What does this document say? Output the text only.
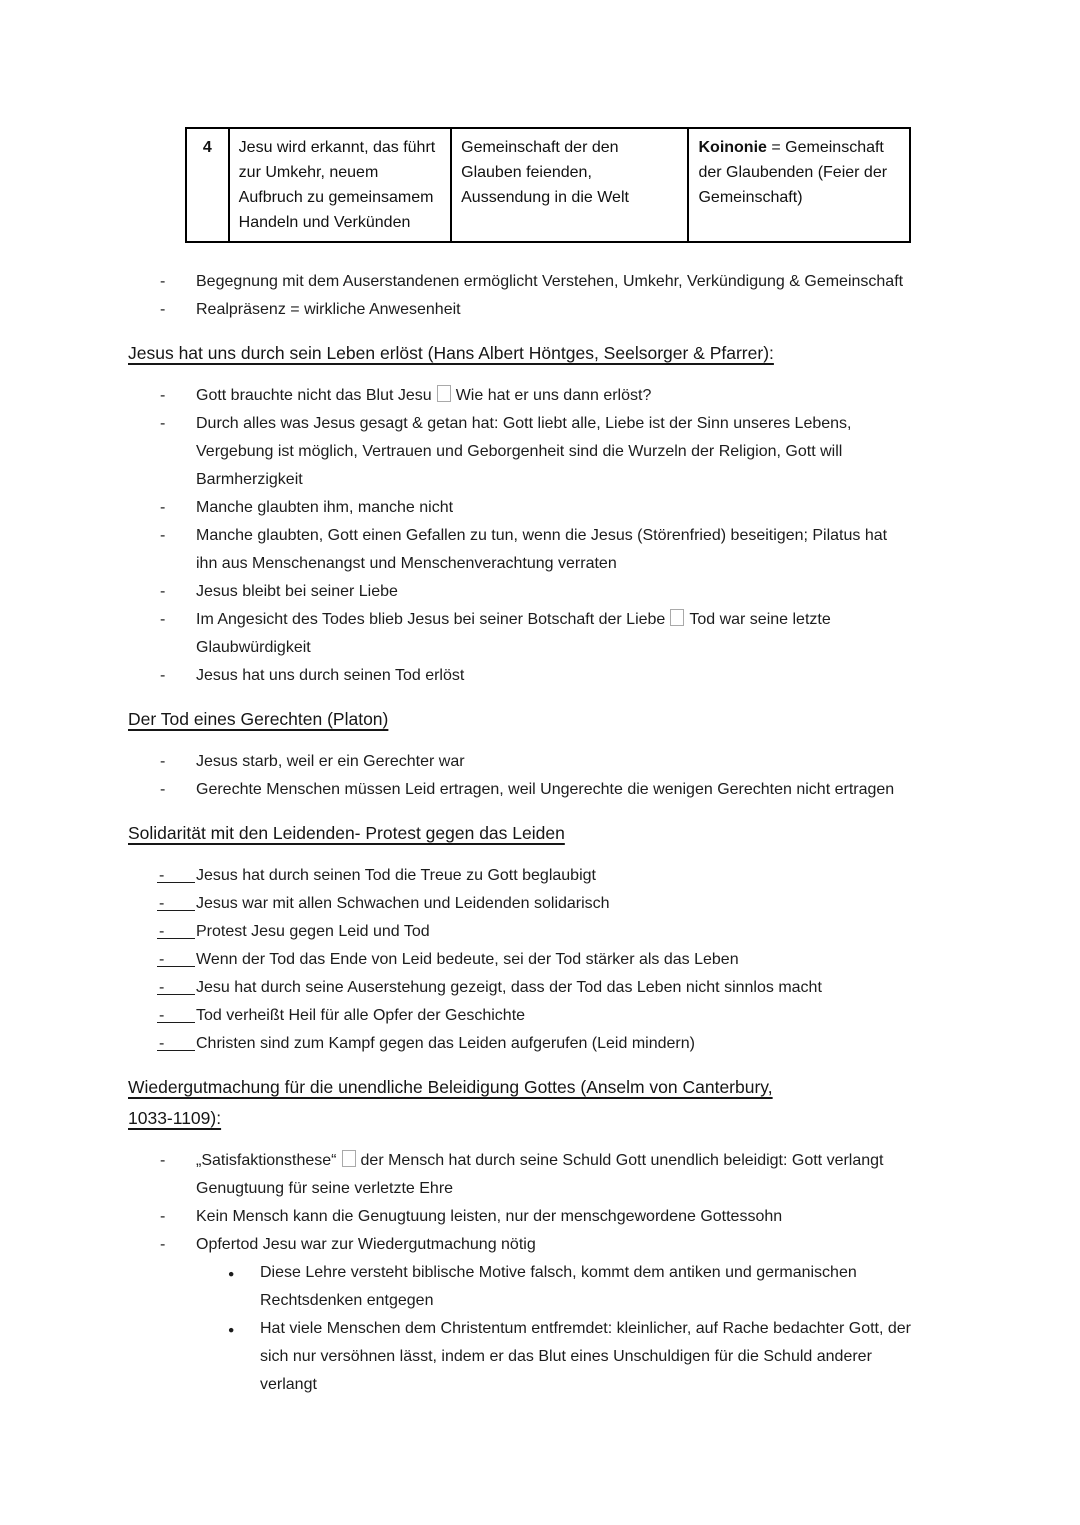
4	Jesu wird erkannt, das führt zur Umkehr, neuem Aufbruch zu gemeinsamem Handeln und Verkünden	Gemeinschaft der den Glauben feienden, Aussendung in die Welt	Koinonie = Gemeinschaft der Glaubenden (Feier der Gemeinschaft)
- Begegnung mit dem Auserstandenen ermöglicht Verstehen, Umkehr, Verkündigung & Gemeinschaft
- Realpräsenz = wirkliche Anwesenheit
Jesus hat uns durch sein Leben erlöst (Hans Albert Höntges, Seelsorger & Pfarrer):
- Gott brauchte nicht das Blut Jesu Wie hat er uns dann erlöst?
- Durch alles was Jesus gesagt & getan hat: Gott liebt alle, Liebe ist der Sinn unseres Lebens, Vergebung ist möglich, Vertrauen und Geborgenheit sind die Wurzeln der Religion, Gott will Barmherzigkeit
- Manche glaubten ihm, manche nicht
- Manche glaubten, Gott einen Gefallen zu tun, wenn die Jesus (Störenfried) beseitigen; Pilatus hat ihn aus Menschenangst und Menschenverachtung verraten
- Jesus bleibt bei seiner Liebe
- Im Angesicht des Todes blieb Jesus bei seiner Botschaft der Liebe Tod war seine letzte Glaubwürdigkeit
- Jesus hat uns durch seinen Tod erlöst
Der Tod eines Gerechten (Platon)
- Jesus starb, weil er ein Gerechter war
- Gerechte Menschen müssen Leid ertragen, weil Ungerechte die wenigen Gerechten nicht ertragen
Solidarität mit den Leidenden- Protest gegen das Leiden
- Jesus hat durch seinen Tod die Treue zu Gott beglaubigt
- Jesus war mit allen Schwachen und Leidenden solidarisch
- Protest Jesu gegen Leid und Tod
- Wenn der Tod das Ende von Leid bedeute, sei der Tod stärker als das Leben
- Jesu hat durch seine Auserstehung gezeigt, dass der Tod das Leben nicht sinnlos macht
- Tod verheißt Heil für alle Opfer der Geschichte
- Christen sind zum Kampf gegen das Leiden aufgerufen (Leid mindern)
Wiedergutmachung für die unendliche Beleidigung Gottes (Anselm von Canterbury,
1033-1109):
- „Satisfaktionsthese“ der Mensch hat durch seine Schuld Gott unendlich beleidigt: Gott verlangt Genugtuung für seine verletzte Ehre
- Kein Mensch kann die Genugtuung leisten, nur der menschgewordene Gottessohn
- Opfertod Jesu war zur Wiedergutmachung nötig
● Diese Lehre versteht biblische Motive falsch, kommt dem antiken und germanischen Rechtsdenken entgegen
● Hat viele Menschen dem Christentum entfremdet: kleinlicher, auf Rache bedachter Gott, der sich nur versöhnen lässt, indem er das Blut eines Unschuldigen für die Schuld anderer verlangt
